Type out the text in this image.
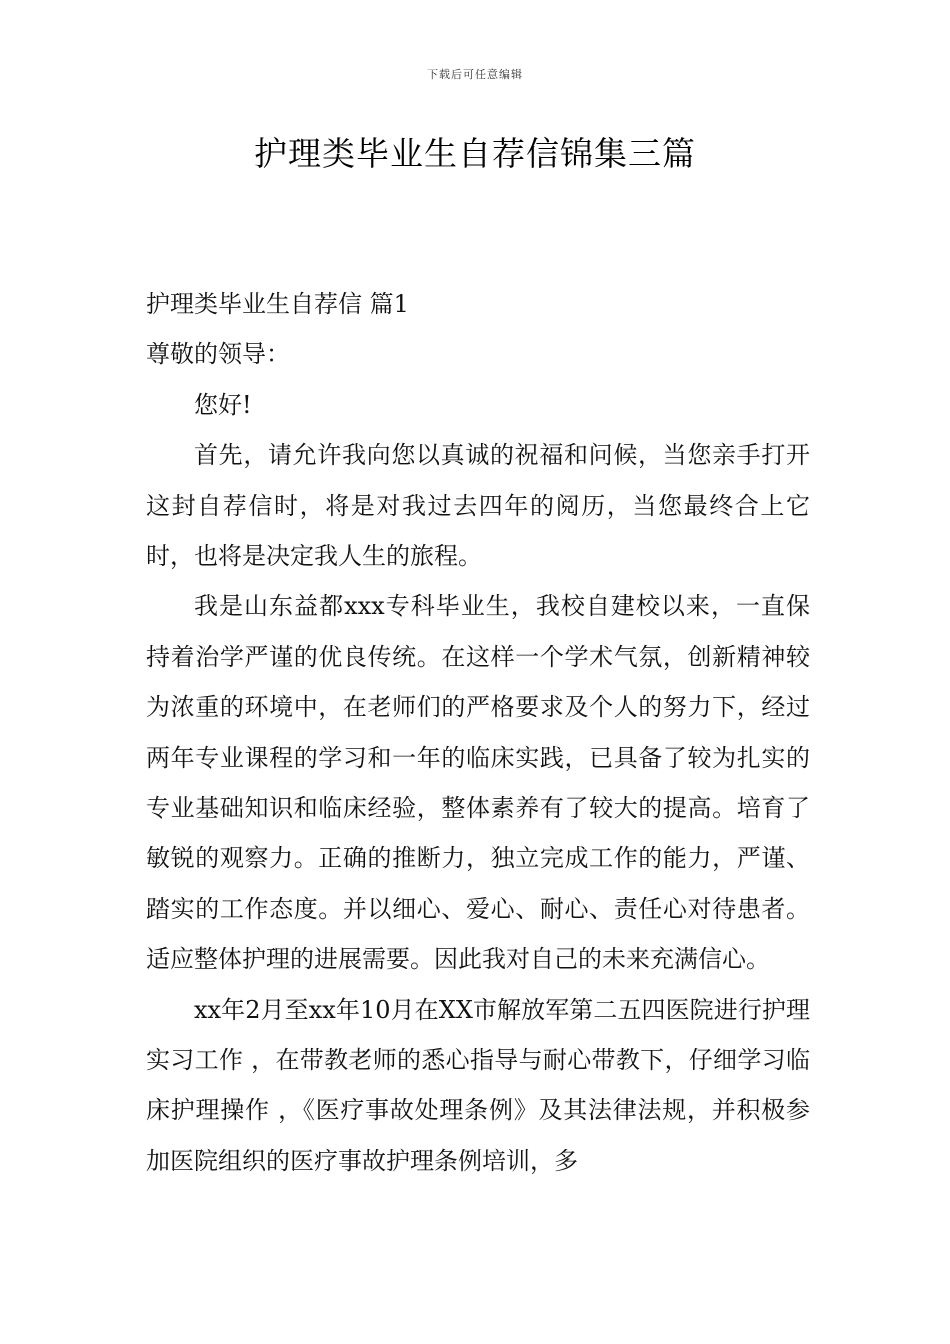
下载后可任意编辑
护理类毕业生自荐信锦集三篇

护理类毕业生自荐信 篇1

尊敬的领导：

您好!

首先，请允许我向您以真诚的祝福和问候，当您亲手打开这封自荐信时，将是对我过去四年的阅历，当您最终合上它时，也将是决定我人生的旅程。

我是山东益都xxx专科毕业生，我校自建校以来，一直保持着治学严谨的优良传统。在这样一个学术气氛，创新精神较为浓重的环境中，在老师们的严格要求及个人的努力下，经过两年专业课程的学习和一年的临床实践，已具备了较为扎实的专业基础知识和临床经验，整体素养有了较大的提高。培育了敏锐的观察力。正确的推断力，独立完成工作的能力，严谨、踏实的工作态度。并以细心、爱心、耐心、责任心对待患者。适应整体护理的进展需要。因此我对自己的未来充满信心。

xx年2月至xx年10月在XX市解放军第二五四医院进行护理实习工作 ，在带教老师的悉心指导与耐心带教下，仔细学习临床护理操作 ，《医疗事故处理条例》及其法律法规，并积极参加医院组织的医疗事故护理条例培训，多
